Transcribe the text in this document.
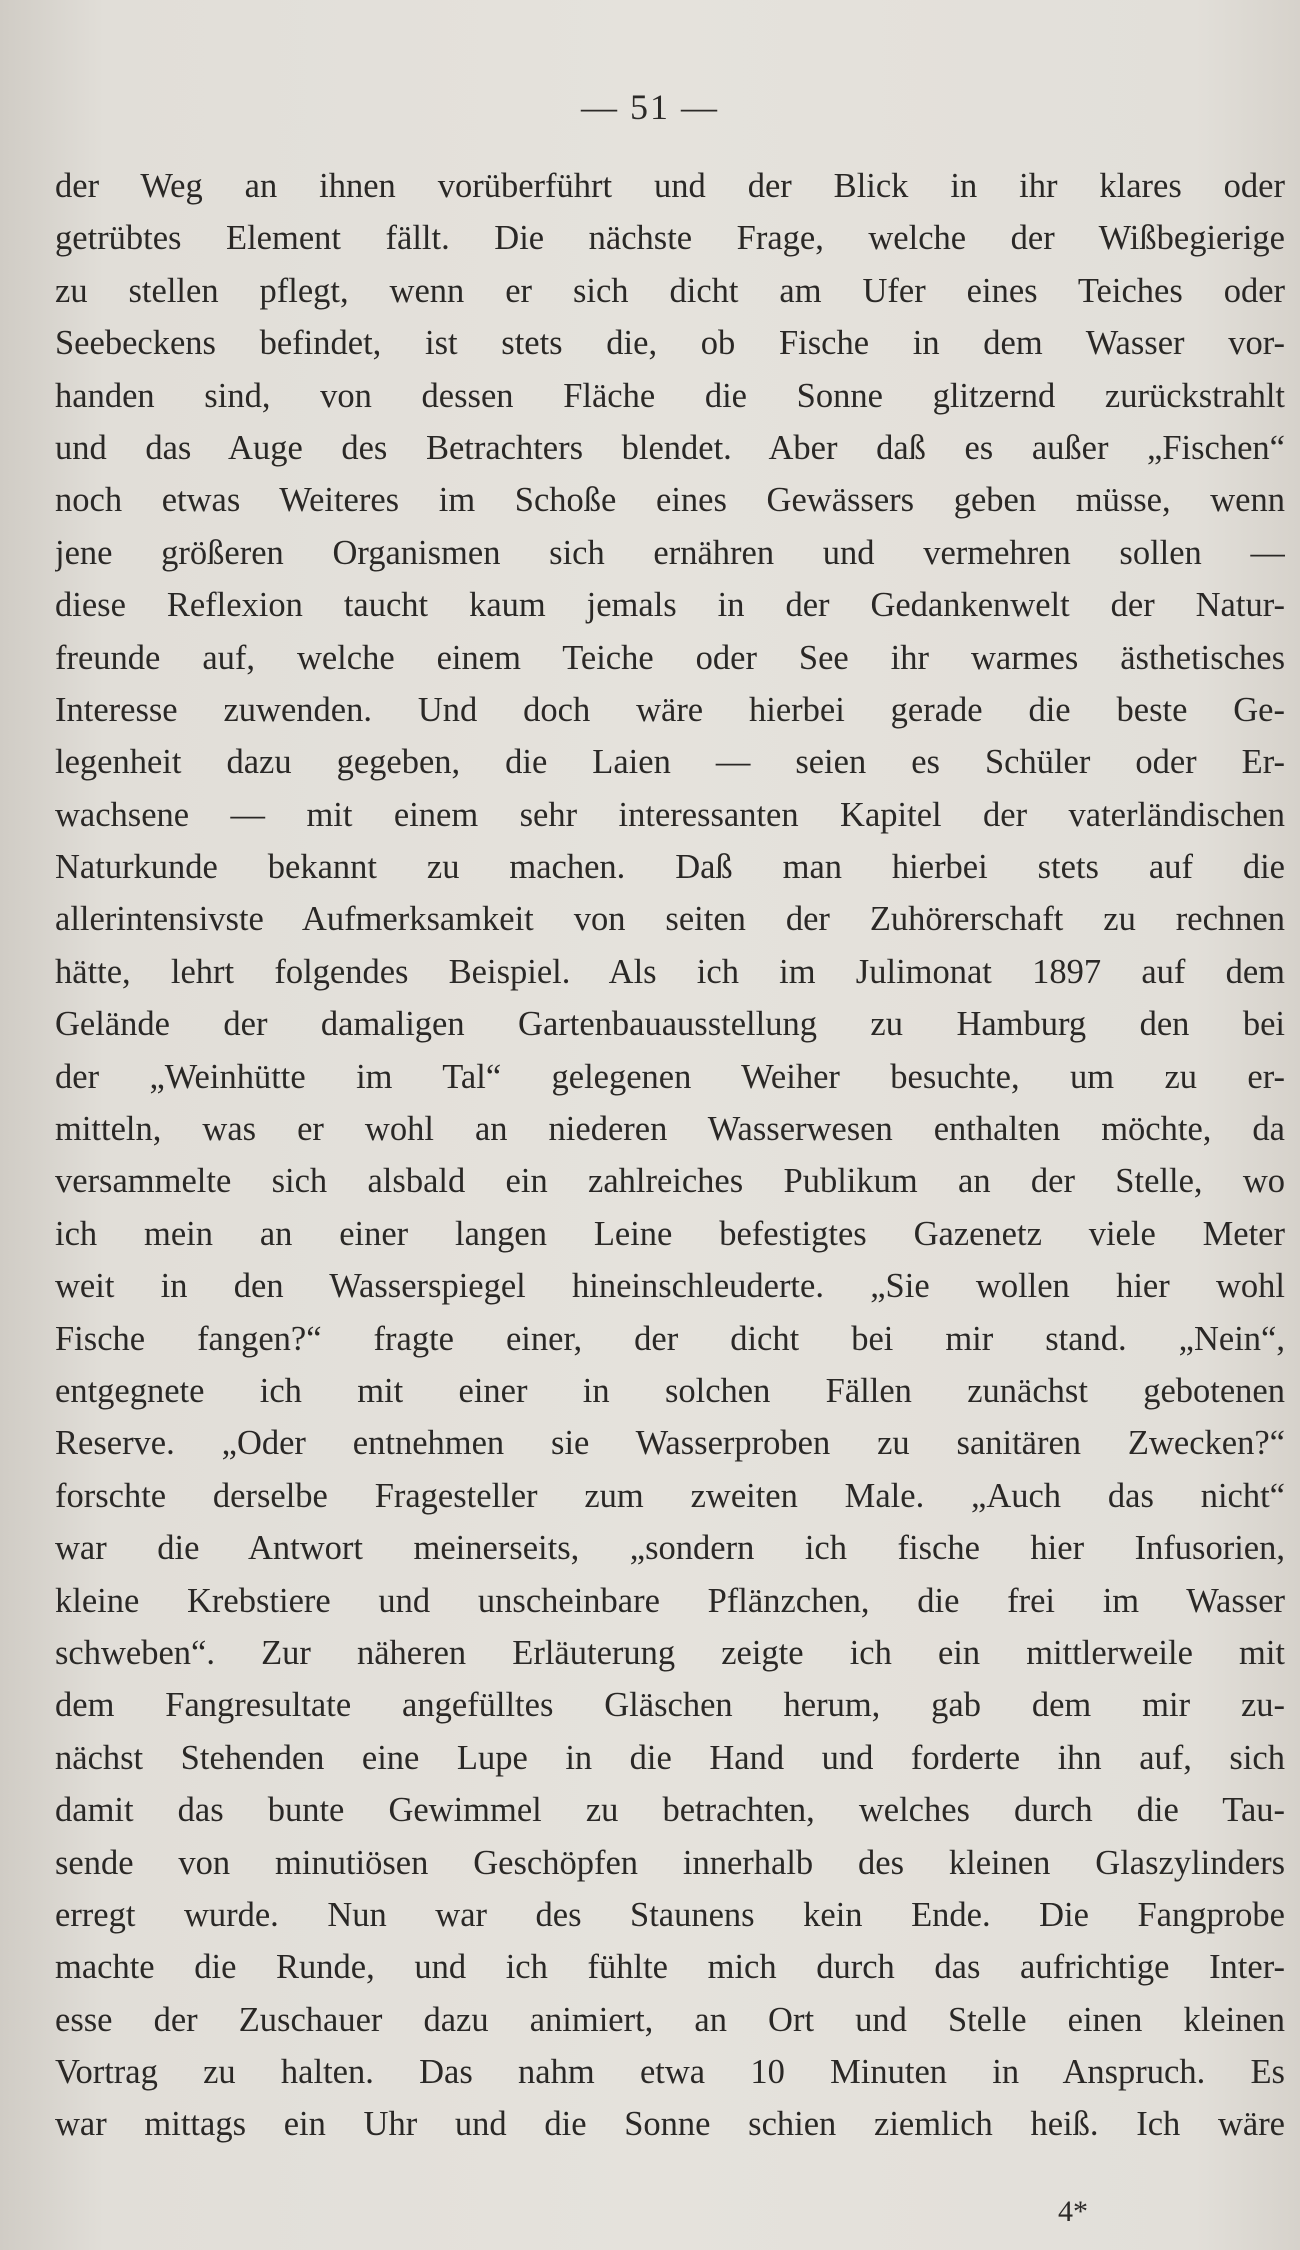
— 51 —
der Weg an ihnen vorüberführt und der Blick in ihr klares oder
getrübtes Element fällt. Die nächste Frage, welche der Wißbegierige
zu stellen pflegt, wenn er sich dicht am Ufer eines Teiches oder
Seebeckens befindet, ist stets die, ob Fische in dem Wasser vor-
handen sind, von dessen Fläche die Sonne glitzernd zurückstrahlt
und das Auge des Betrachters blendet. Aber daß es außer „Fischen“
noch etwas Weiteres im Schoße eines Gewässers geben müsse, wenn
jene größeren Organismen sich ernähren und vermehren sollen —
diese Reflexion taucht kaum jemals in der Gedankenwelt der Natur-
freunde auf, welche einem Teiche oder See ihr warmes ästhetisches
Interesse zuwenden. Und doch wäre hierbei gerade die beste Ge-
legenheit dazu gegeben, die Laien — seien es Schüler oder Er-
wachsene — mit einem sehr interessanten Kapitel der vaterländischen
Naturkunde bekannt zu machen. Daß man hierbei stets auf die
allerintensivste Aufmerksamkeit von seiten der Zuhörerschaft zu rechnen
hätte, lehrt folgendes Beispiel. Als ich im Julimonat 1897 auf dem
Gelände der damaligen Gartenbauausstellung zu Hamburg den bei
der „Weinhütte im Tal“ gelegenen Weiher besuchte, um zu er-
mitteln, was er wohl an niederen Wasserwesen enthalten möchte, da
versammelte sich alsbald ein zahlreiches Publikum an der Stelle, wo
ich mein an einer langen Leine befestigtes Gazenetz viele Meter
weit in den Wasserspiegel hineinschleuderte. „Sie wollen hier wohl
Fische fangen?“ fragte einer, der dicht bei mir stand. „Nein“,
entgegnete ich mit einer in solchen Fällen zunächst gebotenen
Reserve. „Oder entnehmen sie Wasserproben zu sanitären Zwecken?“
forschte derselbe Fragesteller zum zweiten Male. „Auch das nicht“
war die Antwort meinerseits, „sondern ich fische hier Infusorien,
kleine Krebstiere und unscheinbare Pflänzchen, die frei im Wasser
schweben“. Zur näheren Erläuterung zeigte ich ein mittlerweile mit
dem Fangresultate angefülltes Gläschen herum, gab dem mir zu-
nächst Stehenden eine Lupe in die Hand und forderte ihn auf, sich
damit das bunte Gewimmel zu betrachten, welches durch die Tau-
sende von minutiösen Geschöpfen innerhalb des kleinen Glaszylinders
erregt wurde. Nun war des Staunens kein Ende. Die Fangprobe
machte die Runde, und ich fühlte mich durch das aufrichtige Inter-
esse der Zuschauer dazu animiert, an Ort und Stelle einen kleinen
Vortrag zu halten. Das nahm etwa 10 Minuten in Anspruch. Es
war mittags ein Uhr und die Sonne schien ziemlich heiß. Ich wäre
4*
